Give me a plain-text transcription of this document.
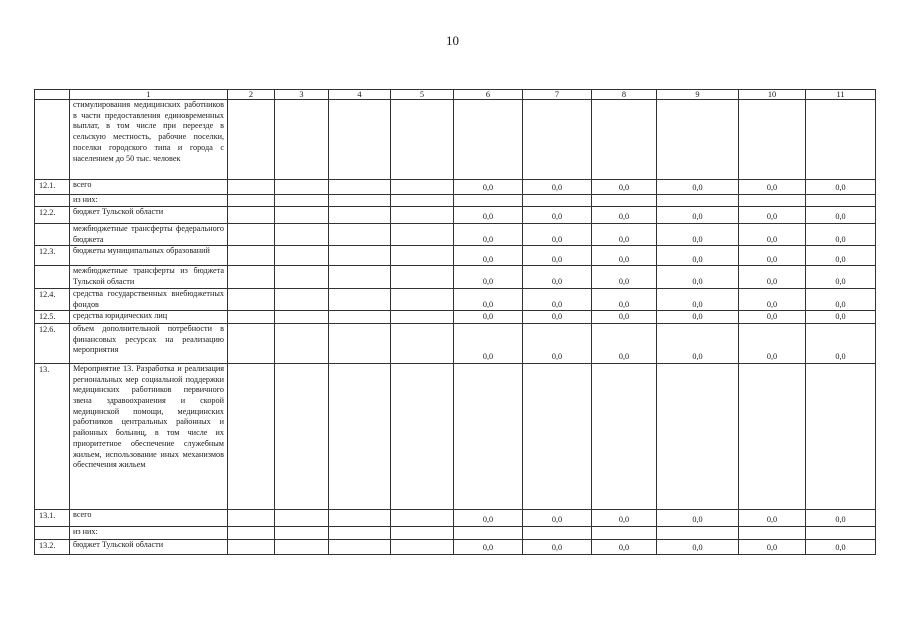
10
	1	2	3	4	5	6	7	8	9	10	11
	стимулирования медицинских работников в части предоставления единовременных выплат, в том числе при переезде в сельскую местность, рабочие поселки, поселки городского типа и города с населением до 50 тыс. человек										
12.1.	всего					0,0	0,0	0,0	0,0	0,0	0,0
	из них:										
12.2.	бюджет Тульской области					0,0	0,0	0,0	0,0	0,0	0,0
	межбюджетные трансферты федерального бюджета					0,0	0,0	0,0	0,0	0,0	0,0
12.3.	бюджеты муниципальных образований					0,0	0,0	0,0	0,0	0,0	0,0
	межбюджетные трансферты из бюджета Тульской области					0,0	0,0	0,0	0,0	0,0	0,0
12.4.	средства государственных внебюджетных фондов					0,0	0,0	0,0	0,0	0,0	0,0
12.5.	средства юридических лиц					0,0	0,0	0,0	0,0	0,0	0,0
12.6.	объем дополнительной потребности в финансовых ресурсах на реализацию мероприятия					0,0	0,0	0,0	0,0	0,0	0,0
13.	Мероприятие 13. Разработка и реализация региональных мер социальной поддержки медицинских работников первичного звена здравоохранения и скорой медицинской помощи, медицинских работников центральных районных и районных больниц, в том числе их приоритетное обеспечение служебным жильем, использование иных механизмов обеспечения жильем										
13.1.	всего					0,0	0,0	0,0	0,0	0,0	0,0
	из них:										
13.2.	бюджет Тульской области					0,0	0,0	0,0	0,0	0,0	0,0
